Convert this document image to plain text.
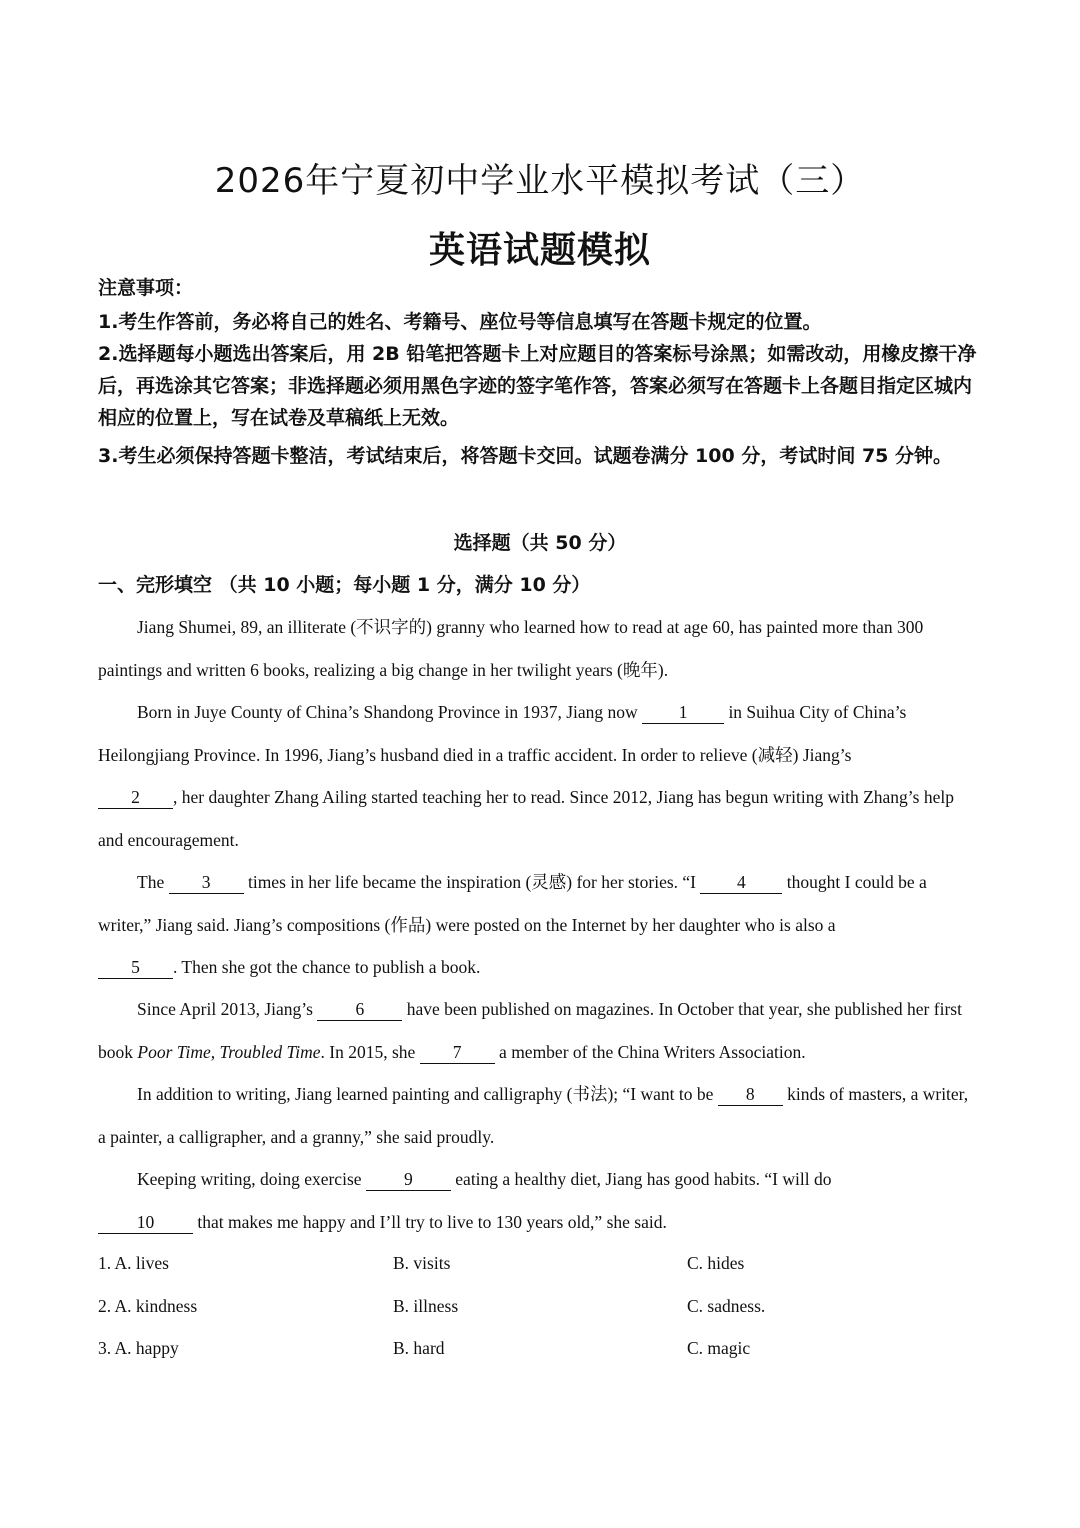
2026年宁夏初中学业水平模拟考试（三）
英语试题模拟
注意事项：
1.考生作答前，务必将自己的姓名、考籍号、座位号等信息填写在答题卡规定的位置。
2.选择题每小题选出答案后，用 2B 铅笔把答题卡上对应题目的答案标号涂黑；如需改动，用橡皮擦干净后，再选涂其它答案；非选择题必须用黑色字迹的签字笔作答，答案必须写在答题卡上各题目指定区城内相应的位置上，写在试卷及草稿纸上无效。
3.考生必须保持答题卡整洁，考试结束后，将答题卡交回。试题卷满分 100 分，考试时间 75 分钟。
选择题（共 50 分）
一、完形填空 （共 10 小题；每小题 1 分，满分 10 分）
Jiang Shumei, 89, an illiterate (不识字的) granny who learned how to read at age 60, has painted more than 300 paintings and written 6 books, realizing a big change in her twilight years (晚年).
Born in Juye County of China’s Shandong Province in 1937, Jiang now 1 in Suihua City of China’s Heilongjiang Province. In 1996, Jiang’s husband died in a traffic accident. In order to relieve (减轻) Jiang’s
2 , her daughter Zhang Ailing started teaching her to read. Since 2012, Jiang has begun writing with Zhang’s help and encouragement.
The 3 times in her life became the inspiration (灵感) for her stories. “I 4 thought I could be a writer,” Jiang said. Jiang’s compositions (作品) were posted on the Internet by her daughter who is also a
5 . Then she got the chance to publish a book.
Since April 2013, Jiang’s 6 have been published on magazines. In October that year, she published her first book Poor Time, Troubled Time. In 2015, she 7 a member of the China Writers Association.
In addition to writing, Jiang learned painting and calligraphy (书法); “I want to be 8 kinds of masters, a writer, a painter, a calligrapher, and a granny,” she said proudly.
Keeping writing, doing exercise 9 eating a healthy diet, Jiang has good habits. “I will do
10 that makes me happy and I’ll try to live to 130 years old,” she said.
1. A. lives	B. visits	C. hides
2. A. kindness	B. illness	C. sadness.
3. A. happy	B. hard	C. magic
